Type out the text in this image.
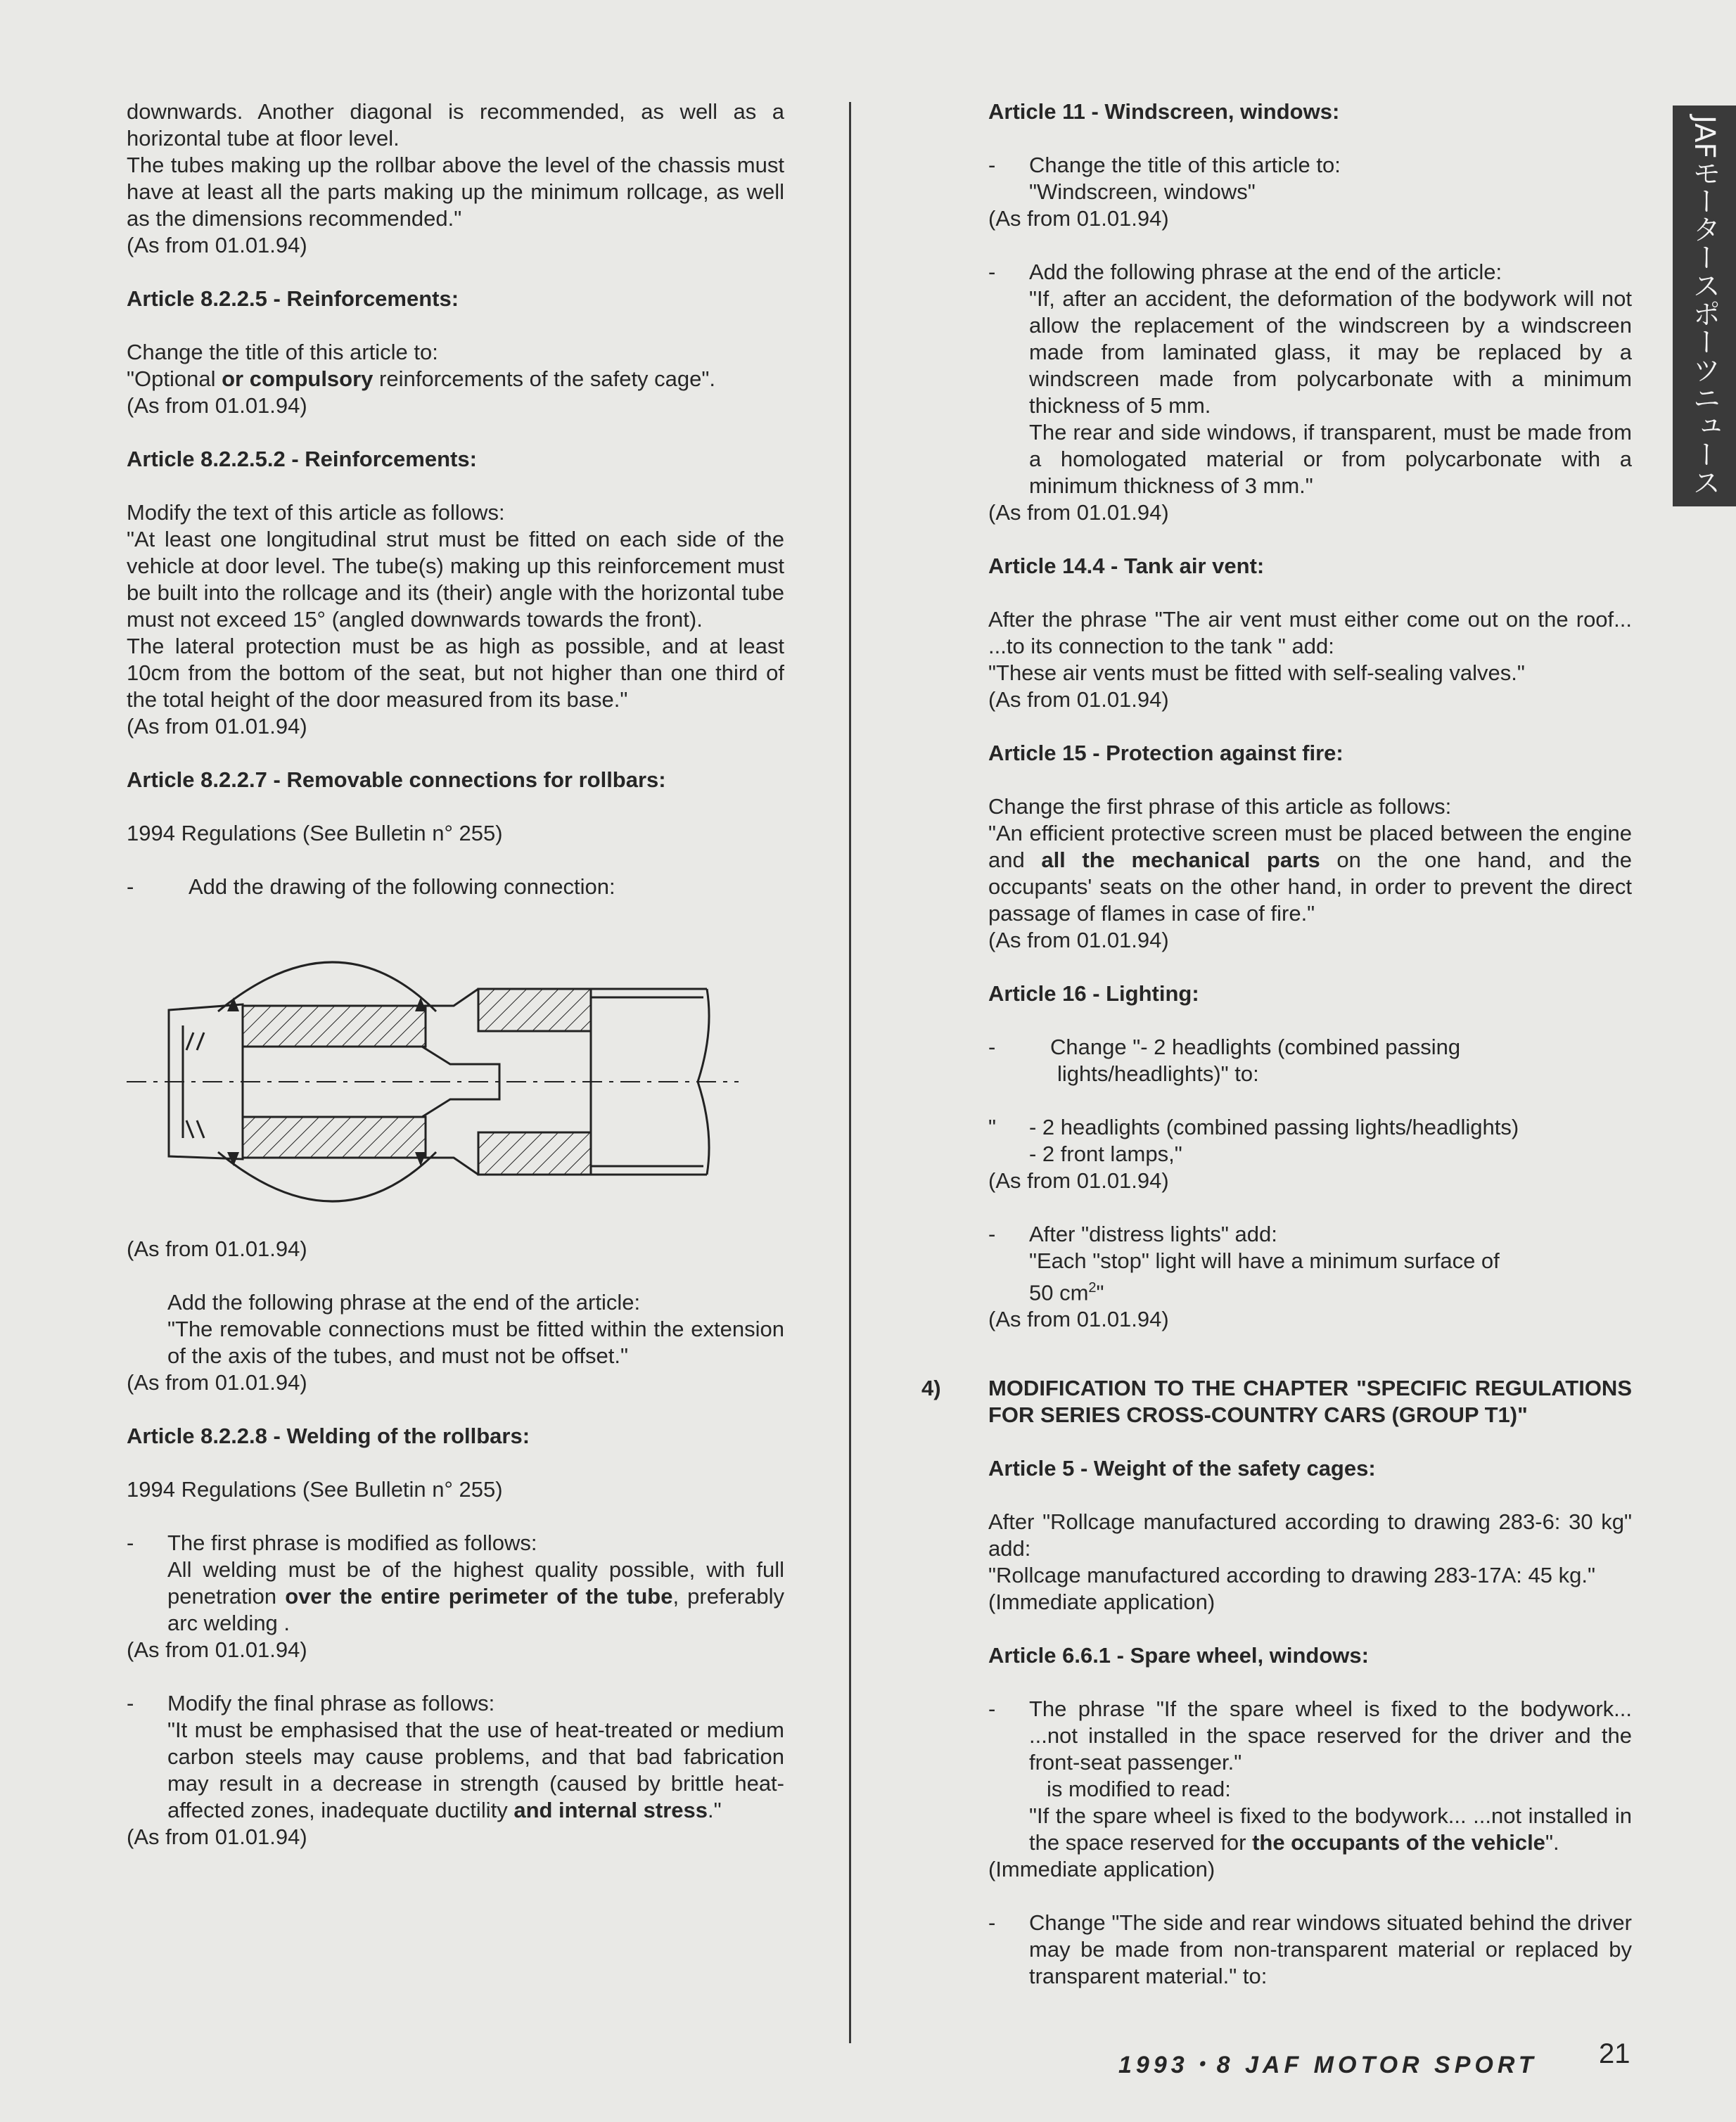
JAFモータースポーツニュース

downwards. Another diagonal is recommended, as well as a horizontal tube at floor level.

The tubes making up the rollbar above the level of the chassis must have at least all the parts making up the minimum rollcage, as well as the dimensions recommended."

(As from 01.01.94)

Article 8.2.2.5 - Reinforcements:

Change the title of this article to:

"Optional or compulsory reinforcements of the safety cage".

(As from 01.01.94)

Article 8.2.2.5.2 - Reinforcements:

Modify the text of this article as follows:

"At least one longitudinal strut must be fitted on each side of the vehicle at door level. The tube(s) making up this reinforcement must be built into the rollcage and its (their) angle with the horizontal tube must not exceed 15° (angled downwards towards the front).

The lateral protection must be as high as possible, and at least 10cm from the bottom of the seat, but not higher than one third of the total height of the door measured from its base."

(As from 01.01.94)

Article 8.2.2.7 - Removable connections for rollbars:

1994 Regulations (See Bulletin n° 255)

-	Add the drawing of the following connection:

(As from 01.01.94)

Add the following phrase at the end of the article:
"The removable connections must be fitted within the extension of the axis of the tubes, and must not be offset."

(As from 01.01.94)

Article 8.2.2.8 - Welding of the rollbars:

1994 Regulations (See Bulletin n° 255)

- The first phrase is modified as follows:
All welding must be of the highest quality possible, with full penetration over the entire perimeter of the tube, preferably arc welding .

(As from 01.01.94)

- Modify the final phrase as follows:
"It must be emphasised that the use of heat-treated or medium carbon steels may cause problems, and that bad fabrication may result in a decrease in strength (caused by brittle heat-affected zones, inadequate ductility and internal stress."

(As from 01.01.94)

Article 11 - Windscreen, windows:
- Change the title of this article to:
"Windscreen, windows"

(As from 01.01.94)

- Add the following phrase at the end of the article:
"If, after an accident, the deformation of the bodywork will not allow the replacement of the windscreen by a windscreen made from laminated glass, it may be replaced by a windscreen made from polycarbonate with a minimum thickness of 5 mm.
The rear and side windows, if transparent, must be made from a homologated material or from polycarbonate with a minimum thickness of 3 mm."

(As from 01.01.94)

Article 14.4 - Tank air vent:

After the phrase "The air vent must either come out on the roof... ...to its connection to the tank " add:

"These air vents must be fitted with self-sealing valves."

(As from 01.01.94)

Article 15 - Protection against fire:

Change the first phrase of this article as follows:

"An efficient protective screen must be placed between the engine and all the mechanical parts on the one hand, and the occupants' seats on the other hand, in order to prevent the direct passage of flames in case of fire."

(As from 01.01.94)

Article 16 - Lighting:
-	Change "- 2 headlights (combined passing
lights/headlights)" to:
" - 2 headlights (combined passing lights/headlights)
- 2 front lamps,"

(As from 01.01.94)

- After "distress lights" add:
"Each "stop" light will have a minimum surface of
50 $cm^2$"

(As from 01.01.94)

4) MODIFICATION TO THE CHAPTER "SPECIFIC REGULATIONS FOR SERIES CROSS-COUNTRY CARS (GROUP T1)"
Article 5 - Weight of the safety cages:

After "Rollcage manufactured according to drawing 283-6: 30 kg" add:

"Rollcage manufactured according to drawing 283-17A: 45 kg."

(Immediate application)

Article 6.6.1 - Spare wheel, windows:
- The phrase "If the spare wheel is fixed to the bodywork... ...not installed in the space reserved for the driver and the front-seat passenger."
is modified to read:
"If the spare wheel is fixed to the bodywork... ...not installed in the space reserved for the occupants of the vehicle".

(Immediate application)

- Change "The side and rear windows situated behind the driver may be made from non-transparent material or replaced by transparent material." to:
1993・8 JAF MOTOR SPORT 21
